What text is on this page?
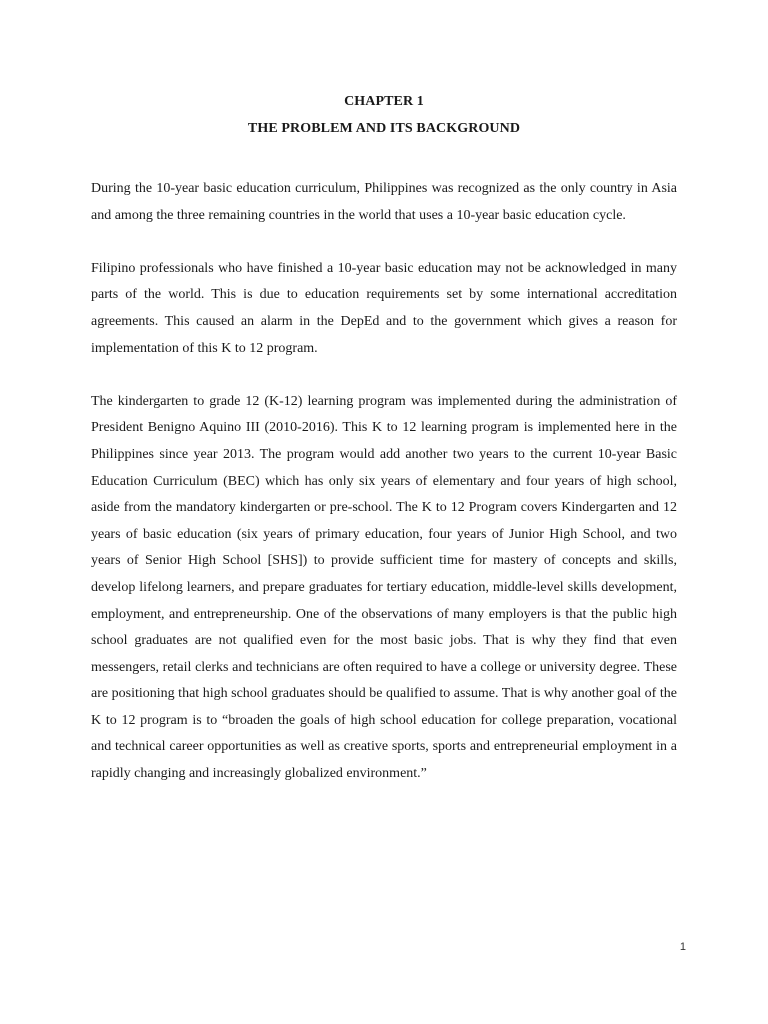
CHAPTER 1
THE PROBLEM AND ITS BACKGROUND

During the 10-year basic education curriculum, Philippines was recognized as the only country in Asia and among the three remaining countries in the world that uses a 10-year basic education cycle.

Filipino professionals who have finished a 10-year basic education may not be acknowledged in many parts of the world. This is due to education requirements set by some international accreditation agreements. This caused an alarm in the DepEd and to the government which gives a reason for implementation of this K to 12 program.

The kindergarten to grade 12 (K-12) learning program was implemented during the administration of President Benigno Aquino III (2010-2016). This K to 12 learning program is implemented here in the Philippines since year 2013. The program would add another two years to the current 10-year Basic Education Curriculum (BEC) which has only six years of elementary and four years of high school, aside from the mandatory kindergarten or pre-school. The K to 12 Program covers Kindergarten and 12 years of basic education (six years of primary education, four years of Junior High School, and two years of Senior High School [SHS]) to provide sufficient time for mastery of concepts and skills, develop lifelong learners, and prepare graduates for tertiary education, middle-level skills development, employment, and entrepreneurship. One of the observations of many employers is that the public high school graduates are not qualified even for the most basic jobs. That is why they find that even messengers, retail clerks and technicians are often required to have a college or university degree. These are positioning that high school graduates should be qualified to assume. That is why another goal of the K to 12 program is to “broaden the goals of high school education for college preparation, vocational and technical career opportunities as well as creative sports, sports and entrepreneurial employment in a rapidly changing and increasingly globalized environment.”

1
